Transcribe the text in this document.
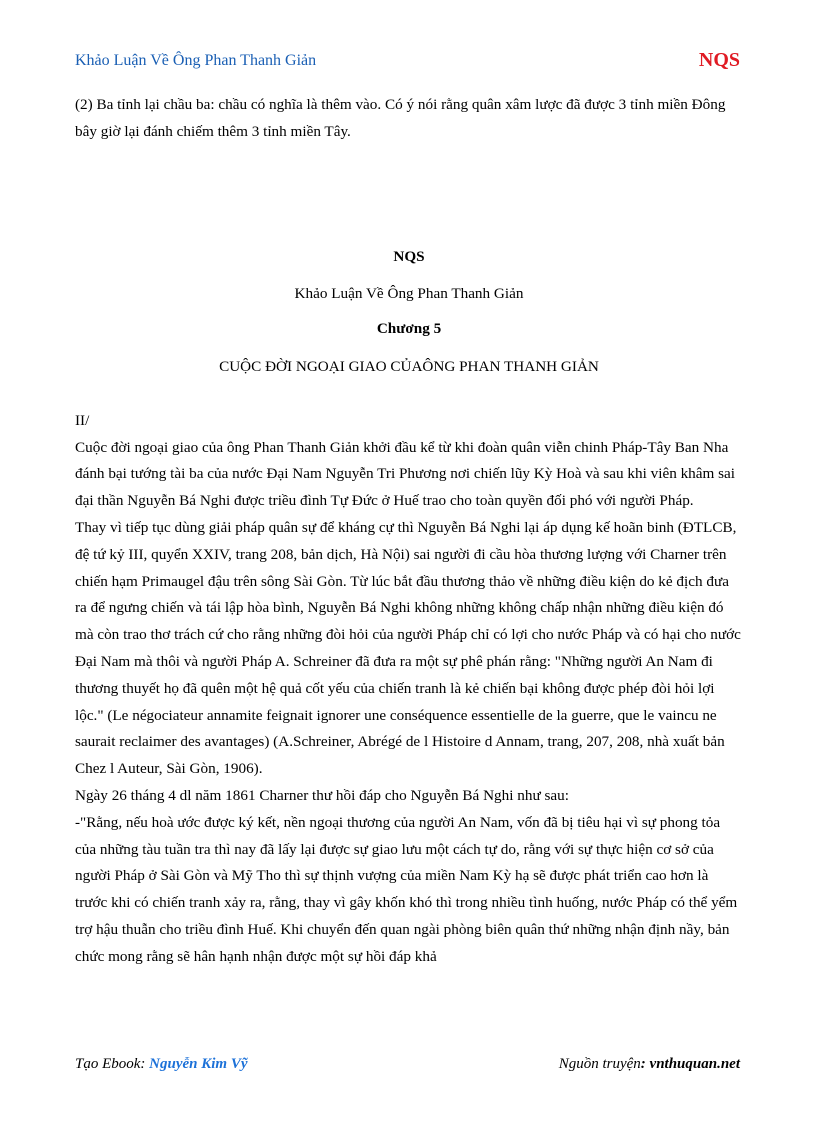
Khảo Luận Về Ông Phan Thanh Giản	NQS

(2) Ba tỉnh lại chầu ba: chầu có nghĩa là thêm vào. Có ý nói rằng quân xâm lược đã được 3 tỉnh miền Đông bây giờ lại đánh chiếm thêm 3 tỉnh miền Tây.

NQS

Khảo Luận Về Ông Phan Thanh Giản

Chương 5

CUỘC ĐỜI NGOẠI GIAO CỦAÔNG PHAN THANH GIẢN

II/

Cuộc đời ngoại giao của ông Phan Thanh Giản khởi đầu kể từ khi đoàn quân viễn chinh Pháp-Tây Ban Nha đánh bại tướng tài ba của nước Đại Nam Nguyễn Tri Phương nơi chiến lũy Kỳ Hoà và sau khi viên khâm sai đại thần Nguyễn Bá Nghi được triều đình Tự Đức ở Huế trao cho toàn quyền đối phó với người Pháp.

Thay vì tiếp tục dùng giải pháp quân sự để kháng cự thì Nguyễn Bá Nghi lại áp dụng kế hoãn binh (ĐTLCB, đệ tứ kỷ III, quyển XXIV, trang 208, bản dịch, Hà Nội) sai người đi cầu hòa thương lượng với Charner trên chiến hạm Primaugel đậu trên sông Sài Gòn. Từ lúc bắt đầu thương thảo về những điều kiện do kẻ địch đưa ra để ngưng chiến và tái lập hòa bình, Nguyễn Bá Nghi không những không chấp nhận những điều kiện đó mà còn trao thơ trách cứ cho rằng những đòi hỏi của người Pháp chỉ có lợi cho nước Pháp và có hại cho nước Đại Nam mà thôi và người Pháp A. Schreiner đã đưa ra một sự phê phán rằng: "Những người An Nam đi thương thuyết họ đã quên một hệ quả cốt yếu của chiến tranh là kẻ chiến bại không được phép đòi hỏi lợi lộc." (Le négociateur annamite feignait ignorer une conséquence essentielle de la guerre, que le vaincu ne saurait reclaimer des avantages) (A.Schreiner, Abrégé de l Histoire d Annam, trang, 207, 208, nhà xuất bản Chez l Auteur, Sài Gòn, 1906).

Ngày 26 tháng 4 dl năm 1861 Charner thư hồi đáp cho Nguyễn Bá Nghi như sau:

-"Rằng, nếu hoà ước được ký kết, nền ngoại thương của người An Nam, vốn đã bị tiêu hại vì sự phong tỏa của những tàu tuần tra thì nay đã lấy lại được sự giao lưu một cách tự do, rằng với sự thực hiện cơ sở của người Pháp ở Sài Gòn và Mỹ Tho thì sự thịnh vượng của miền Nam Kỳ hạ sẽ được phát triển cao hơn là trước khi có chiến tranh xảy ra, rằng, thay vì gây khốn khó thì trong nhiều tình huống, nước Pháp có thể yểm trợ hậu thuẫn cho triều đình Huế. Khi chuyển đến quan ngài phòng biên quân thứ những nhận định nầy, bản chức mong rằng sẽ hân hạnh nhận được một sự hồi đáp khả

Tạo Ebook: Nguyễn Kim Vỹ	Nguồn truyện: vnthuquan.net
